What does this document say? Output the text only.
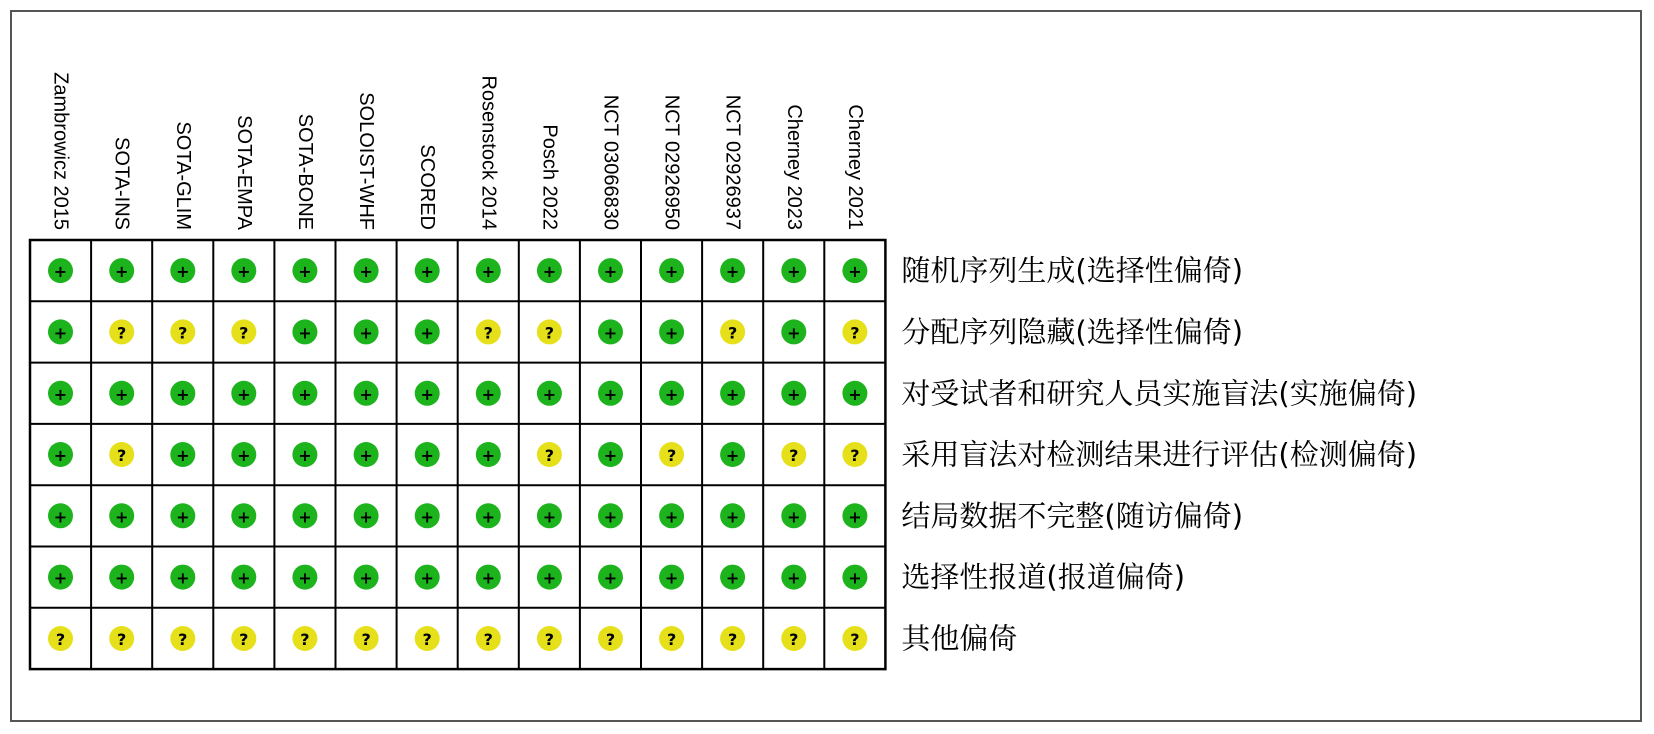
Zambrowicz 2015 SOTA-INS SOTA-GLIM SOTA-EMPA SOTA-BONE SOLOIST-WHF SCORED Rosenstock 2014 Posch 2022 NCT 03066830 NCT 02926950 NCT 02926937 Cherney 2023 Cherney 2021
+	+	+	+	+	+	+	+	+	+	+	+	+	+
+	?	?	?	+	+	+	?	?	+	+	?	+	?
+	+	+	+	+	+	+	+	+	+	+	+	+	+
+	?	+	+	+	+	+	+	?	+	?	+	?	?
+	+	+	+	+	+	+	+	+	+	+	+	+	+
+	+	+	+	+	+	+	+	+	+	+	+	+	+
?	?	?	?	?	?	?	?	?	?	?	?	?	?
随机序列生成(选择性偏倚)
分配序列隐藏(选择性偏倚)
对受试者和研究人员实施盲法(实施偏倚)
采用盲法对检测结果进行评估(检测偏倚)
结局数据不完整(随访偏倚)
选择性报道(报道偏倚)
其他偏倚
